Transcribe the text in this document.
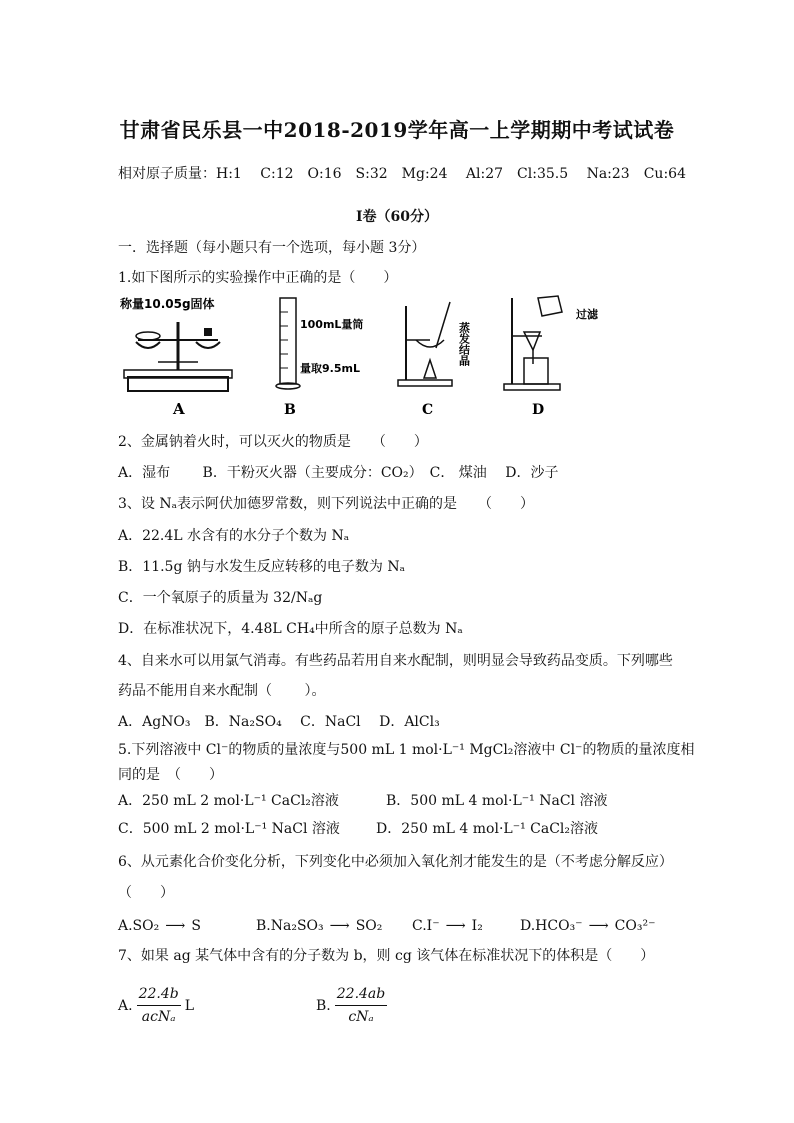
甘肃省民乐县一中2018-2019学年高一上学期期中考试试卷
相对原子质量：H:1　 C:12　O:16　S:32　Mg:24　 Al:27　Cl:35.5　 Na:23　Cu:64
Ⅰ卷（60分）
一．选择题（每小题只有一个选项，每小题 3分）
1.如下图所示的实验操作中正确的是（　　）
称量10.05g固体
A
100mL量筒
量取9.5mL
B
蒸发结晶
C
过滤
D
2、金属钠着火时，可以灭火的物质是　　（　　）
A．湿布　　 B．干粉灭火器（主要成分：CO₂）　C． 煤油　 D．沙子
3、设 Nₐ表示阿伏加德罗常数，则下列说法中正确的是　　（　　）
A．22.4L 水含有的水分子个数为 Nₐ
B．11.5g 钠与水发生反应转移的电子数为 Nₐ
C．一个氧原子的质量为 32/Nₐg
D．在标准状况下，4.48L CH₄中所含的原子总数为 Nₐ
4、自来水可以用氯气消毒。有些药品若用自来水配制，则明显会导致药品变质。下列哪些
药品不能用自来水配制（　　 ）。
A．AgNO₃　B．Na₂SO₄　 C．NaCl　 D．AlCl₃
5.下列溶液中 Cl⁻的物质的量浓度与500 mL 1 mol·L⁻¹ MgCl₂溶液中 Cl⁻的物质的量浓度相
同的是　（　　）
A．250 mL 2 mol·L⁻¹ CaCl₂溶液	B．500 mL 4 mol·L⁻¹ NaCl 溶液
C．500 mL 2 mol·L⁻¹ NaCl 溶液	D．250 mL 4 mol·L⁻¹ CaCl₂溶液
6、从元素化合价变化分析，下列变化中必须加入氧化剂才能发生的是（不考虑分解反应）
（　　）
A.SO₂ ⟶ S	B.Na₂SO₃ ⟶ SO₂ C.I⁻ ⟶ I₂	D.HCO₃⁻ ⟶ CO₃²⁻
7、如果 ag 某气体中含有的分子数为 b，则 cg 该气体在标准状况下的体积是（　　）
A. $\frac{22.4b}{\text{acNₐ}}$ L	B. $\frac{22.4ab}{\text{cNₐ}}$
